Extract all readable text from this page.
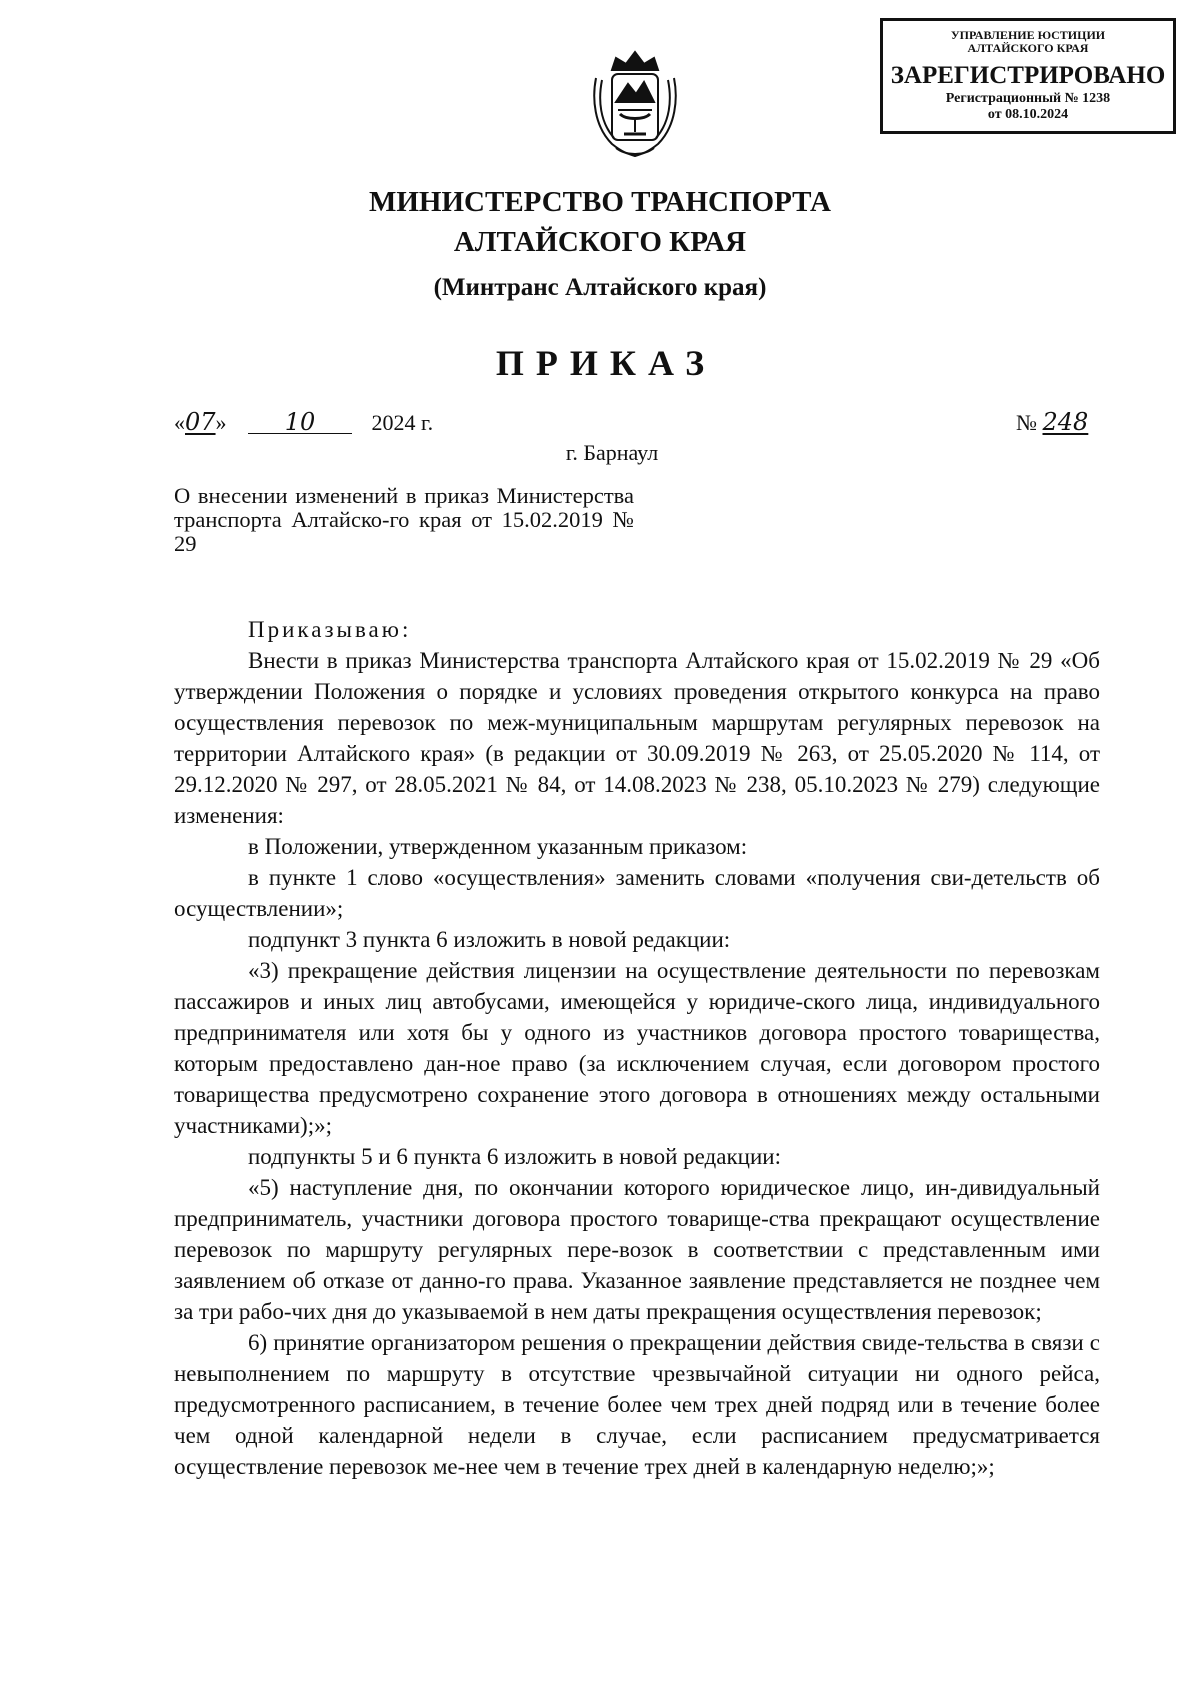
УПРАВЛЕНИЕ ЮСТИЦИИ
АЛТАЙСКОГО КРАЯ
ЗАРЕГИСТРИРОВАНО
Регистрационный № 1238
от 08.10.2024
МИНИСТЕРСТВО ТРАНСПОРТА
АЛТАЙСКОГО КРАЯ
(Минтранс Алтайского края)
ПРИКАЗ
«07» 10	2024 г.	№ 248
г. Барнаул
О внесении изменений в приказ Министерства транспорта Алтайско-го края от 15.02.2019 № 29

Приказываю:

Внести в приказ Министерства транспорта Алтайского края от 15.02.2019 № 29 «Об утверждении Положения о порядке и условиях проведения открытого конкурса на право осуществления перевозок по меж-муниципальным маршрутам регулярных перевозок на территории Алтайского края» (в редакции от 30.09.2019 № 263, от 25.05.2020 № 114, от 29.12.2020 № 297, от 28.05.2021 № 84, от 14.08.2023 № 238, 05.10.2023 № 279) следующие изменения:

в Положении, утвержденном указанным приказом:

в пункте 1 слово «осуществления» заменить словами «получения сви-детельств об осуществлении»;

подпункт 3 пункта 6 изложить в новой редакции:

«3) прекращение действия лицензии на осуществление деятельности по перевозкам пассажиров и иных лиц автобусами, имеющейся у юридиче-ского лица, индивидуального предпринимателя или хотя бы у одного из участников договора простого товарищества, которым предоставлено дан-ное право (за исключением случая, если договором простого товарищества предусмотрено сохранение этого договора в отношениях между остальными участниками);»;

подпункты 5 и 6 пункта 6 изложить в новой редакции:

«5) наступление дня, по окончании которого юридическое лицо, ин-дивидуальный предприниматель, участники договора простого товарище-ства прекращают осуществление перевозок по маршруту регулярных пере-возок в соответствии с представленным ими заявлением об отказе от данно-го права. Указанное заявление представляется не позднее чем за три рабо-чих дня до указываемой в нем даты прекращения осуществления перевозок;

6) принятие организатором решения о прекращении действия свиде-тельства в связи с невыполнением по маршруту в отсутствие чрезвычайной ситуации ни одного рейса, предусмотренного расписанием, в течение более чем трех дней подряд или в течение более чем одной календарной недели в случае, если расписанием предусматривается осуществление перевозок ме-нее чем в течение трех дней в календарную неделю;»;
